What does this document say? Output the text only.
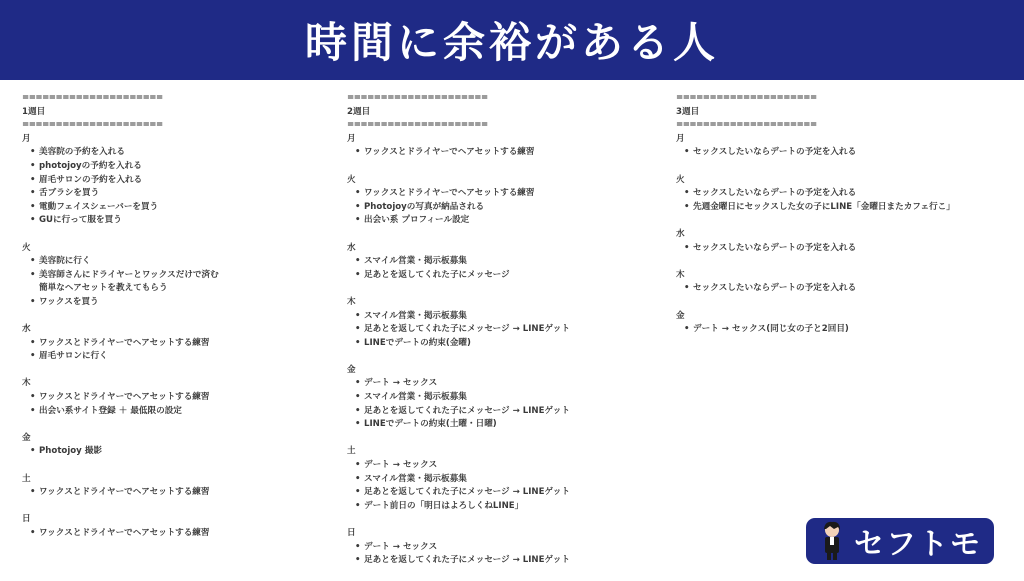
時間に余裕がある人
=====================
1週目
=====================
月
• 美容院の予約を入れる
• photojoyの予約を入れる
• 眉毛サロンの予約を入れる
• 舌ブラシを買う
• 電動フェイスシェーバーを買う
• GUに行って服を買う
火
• 美容院に行く
• 美容師さんにドライヤーとワックスだけで済む
簡単なヘアセットを教えてもらう
• ワックスを買う
水
• ワックスとドライヤーでヘアセットする練習
• 眉毛サロンに行く
木
• ワックスとドライヤーでヘアセットする練習
• 出会い系サイト登録 ＋ 最低限の設定
金
• Photojoy 撮影
土
• ワックスとドライヤーでヘアセットする練習
日
• ワックスとドライヤーでヘアセットする練習
=====================
2週目
=====================
月
• ワックスとドライヤーでヘアセットする練習
火
• ワックスとドライヤーでヘアセットする練習
• Photojoyの写真が納品される
• 出会い系 プロフィール設定
水
• スマイル営業・掲示板募集
• 足あとを返してくれた子にメッセージ
木
• スマイル営業・掲示板募集
• 足あとを返してくれた子にメッセージ → LINEゲット
• LINEでデートの約束(金曜)
金
• デート → セックス
• スマイル営業・掲示板募集
• 足あとを返してくれた子にメッセージ → LINEゲット
• LINEでデートの約束(土曜・日曜)
土
• デート → セックス
• スマイル営業・掲示板募集
• 足あとを返してくれた子にメッセージ → LINEゲット
• デート前日の「明日はよろしくねLINE」
日
• デート → セックス
• 足あとを返してくれた子にメッセージ → LINEゲット
=====================
3週目
=====================
月
• セックスしたいならデートの予定を入れる
火
• セックスしたいならデートの予定を入れる
• 先週金曜日にセックスした女の子にLINE「金曜日またカフェ行こ」
水
• セックスしたいならデートの予定を入れる
木
• セックスしたいならデートの予定を入れる
金
• デート → セックス(同じ女の子と2回目)
セフトモ
